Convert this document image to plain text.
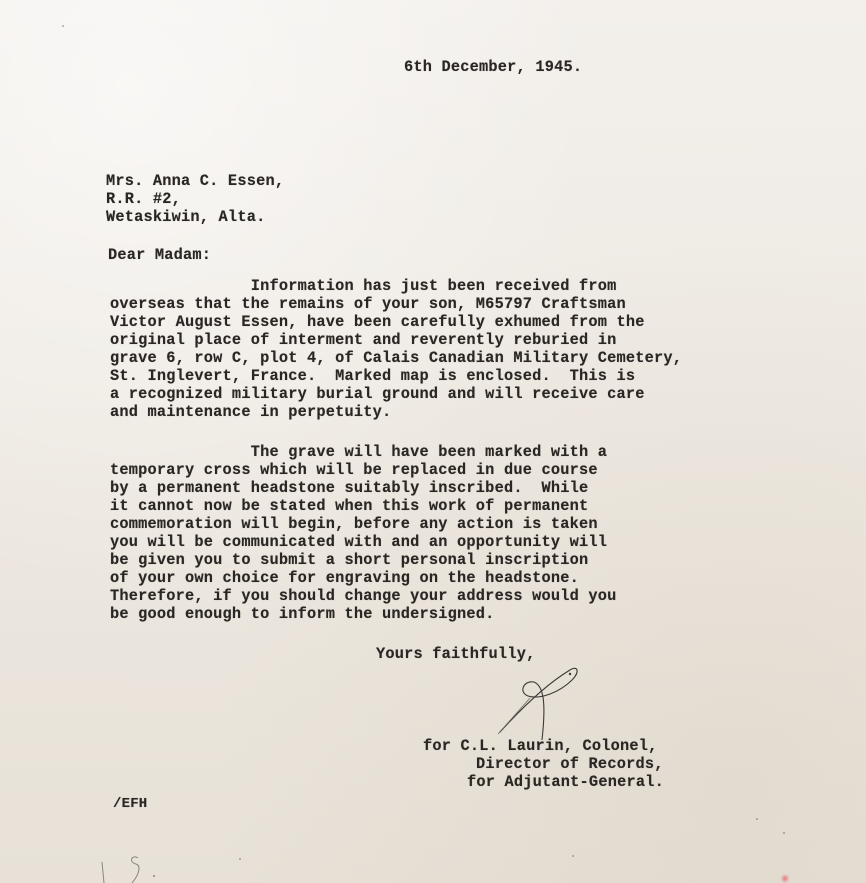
6th December, 1945.
Mrs. Anna C. Essen,
R.R. #2,
Wetaskiwin, Alta.
Dear Madam:

Information has just been received from

overseas that the remains of your son, M65797 Craftsman

Victor August Essen, have been carefully exhumed from the

original place of interment and reverently reburied in

grave 6, row C, plot 4, of Calais Canadian Military Cemetery,

St. Inglevert, France.  Marked map is enclosed.  This is

a recognized military burial ground and will receive care

and maintenance in perpetuity.

The grave will have been marked with a

temporary cross which will be replaced in due course

by a permanent headstone suitably inscribed.  While

it cannot now be stated when this work of permanent

commemoration will begin, before any action is taken

you will be communicated with and an opportunity will

be given you to submit a short personal inscription

of your own choice for engraving on the headstone.

Therefore, if you should change your address would you

be good enough to inform the undersigned.

Yours faithfully,
for C.L. Laurin, Colonel,
Director of Records,
for Adjutant-General.
/EFH
